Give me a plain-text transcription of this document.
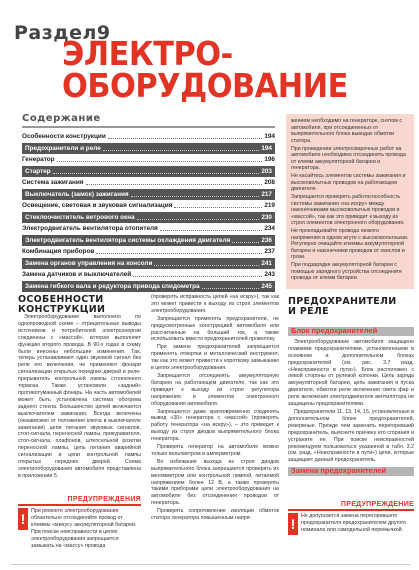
Раздел9
ЭЛЕКТРО-
ОБОРУДОВАНИЕ
Содержание
Особенности конструкции	194
Предохранители и реле	194
Генератор	196
Стартер	203
Система зажигания	208
Выключатель (замок) зажигания	217
Освещение, световая и звуковая сигнализация	219
Стеклоочиститель ветрового окна	230
Электродвигатель вентилятора отопителя	234
Электродвигатель вентилятора системы охлаждения двигателя	236
Комбинация приборов	237
Замена органов управления на консоли	241
Замена датчиков и выключателей	243
Замена гибкого вала и редуктора привода спидометра	245

жением необходимо на генераторе, снятом с автомобиля, при отсоединенных от выпрямительного блока выводах обмотки статора.

При проведении электросварочных работ на автомобиле необходимо отсоединять провода от клемм аккумуляторной батареи и генератора.

Не касайтесь элементов системы зажигания и высоковольтных проводов на работающем двигателе.

Запрещается проверять работоспособность системы зажигания «на искру» между наконечниками высоковольтных проводов и «массой», так как это приведет к выходу из строя элементов электронного оборудования.

Не прокладывайте провода низкого напряжения в одном жгуте с высоковольтными. Регулярно очищайте клеммы аккумуляторной батареи и наконечники проводов от окислов и грязи.

При подзарядке аккумуляторной батареи с помощью зарядного устройства отсоедините провода от клемм батареи.

ОСОБЕННОСТИ
КОНСТРУКЦИИ

Электрооборудование выполнено по однопроводной схеме – отрицательные выводы источников и потребителей электроэнергии соединены с «массой», которая выполняет функцию второго провода. В 90-х годах в схему были внесены небольшие изменения. Так, теперь устанавливают один звуковой сигнал без реле его включения, не применяют фонари сигнализации открытых передних дверей и реле-прерыватель контрольной лампы стояночного тормоза. Также установили «задний» противотуманный фонарь. На часть автомобилей может быть установлена система обогрева заднего стекла. Большинство цепей включается выключателем зажигания. Всегда включены (независимо от положения ключа в выключателе зажигания) цепи питания звуковых сигналов, стоп-сигнала, переносной лампы, прикуривателя, стоп-сигнала, плафонов, штепсельной розетки переносной лампы, цепь питания аварийной сигнализации и цепи контрольной лампы открытых передних дверей. Схема электрооборудования автомобиля представлена в приложении 5.

ПРЕДУПРЕЖДЕНИЯ
!	При ремонте электрооборудования обязательно отсоединяйте провод от клеммы «минус» аккумуляторной батареи.

При поиске неисправности в цепях электрооборудования запрещается замыкать на «массу» провода

(проверять исправность цепей «на искру»), так как это может привести к выходу из строя элементов электрооборудования.

Запрещается применять предохранители, не предусмотренные конструкцией автомобиля или рассчитанные на больший ток, а также использовать вместо предохранителей проволоку.

При замене предохранителей запрещается применять отвертки и металлический инструмент, так как это может привести к короткому замыканию в цепях электрооборудования.

Запрещается отсоединять аккумуляторную батарею на работающем двигателе, так как это приведет к выходу из строя регулятора напряжения и элементов электронного оборудования автомобиля.

Запрещается даже кратковременно соединять вывод «30» генератора с «массой» (проверять работу генератора «на искру»), – это приведет к выходу из строя диодов выпрямительного блока генератора.

Проверять генератор на автомобиле можно только вольтметром и амперметром.

Во избежание выхода из строя диодов выпрямительного блока запрещается проверять их мегомметром или контрольной лампой, питаемой напряжением более 12 В, а также проверять такими приборами цепи электрооборудования на автомобиле без отсоединения проводов от генератора.

Проверять сопротивление изоляции обмоток статора генератора повышенным напря-

ПРЕДОХРАНИТЕЛИ
И РЕЛЕ
Блок предохранителей

Электрооборудование автомобиля защищено плавкими предохранителями, установленными в основном и дополнительном блоках предохранителей (см. рис. 3.7 разд. «Неисправности в пути»). Блок расположен с левой стороны от рулевой колонки. Цепь заряда аккумуляторной батареи, цепь зажигания и пуска двигателя, обмотки реле включения света фар и реле включения электродвигателя вентилятора не защищены предохранителями.

Предохранители 11, 13, 14, 15, установленные в дополнительном блоке предохранителей, резервные. Прежде чем заменить перегоревший предохранитель, выясните причину его сгорания и устраните ее. При поиске неисправностей рекомендуем пользоваться указанной в табл. 3.2 (см. разд. «Неисправности в пути») цепи, которые защищает данный предохранитель.

Замена предохранителей
ПРЕДУПРЕЖДЕНИЕ
!	Не допускается замена перегоревшего предохранителя предохранителем другого номинала или самодельной перемычкой.
